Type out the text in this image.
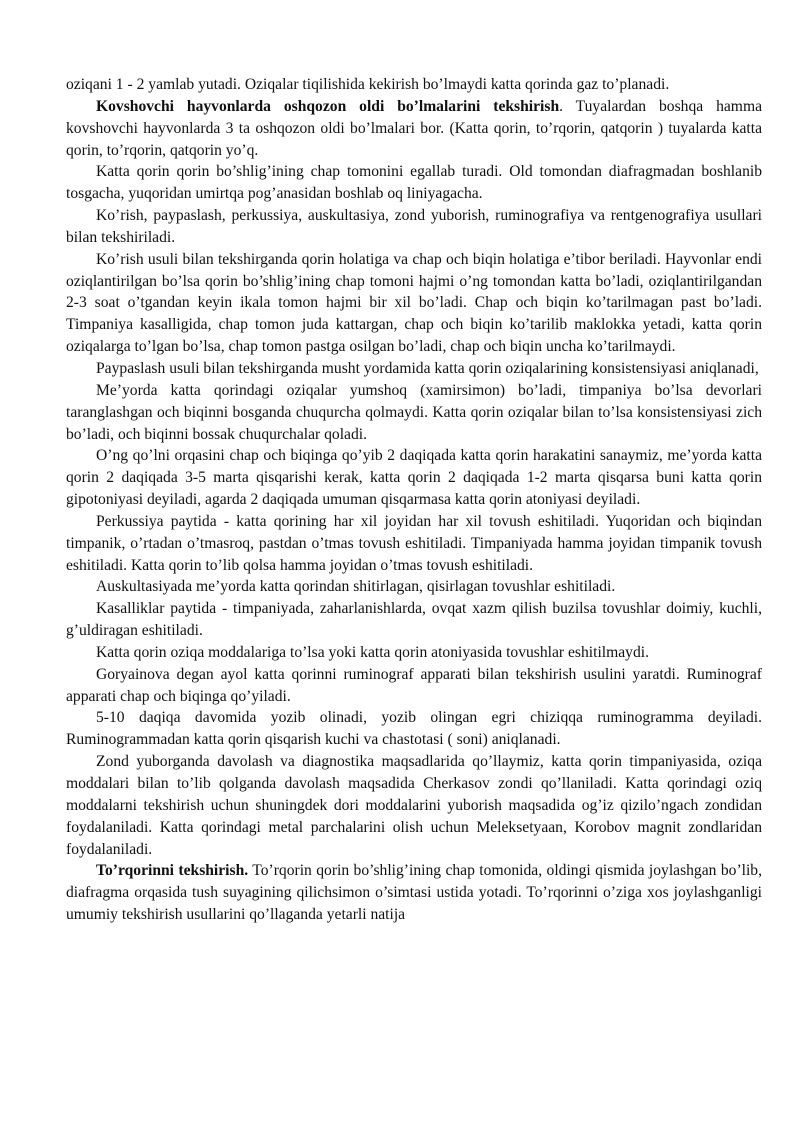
oziqani 1 - 2 yamlab yutadi. Oziqalar tiqilishida kekirish bo’lmaydi katta qorinda gaz to’planadi.

Kovshovchi hayvonlarda oshqozon oldi bo’lmalarini tekshirish. Tuyalardan boshqa hamma kovshovchi hayvonlarda 3 ta oshqozon oldi bo’lmalari bor. (Katta qorin, to’rqorin, qatqorin ) tuyalarda katta qorin, to’rqorin, qatqorin yo’q.

Katta qorin qorin bo’shlig’ining chap tomonini egallab turadi. Old tomondan diafragmadan boshlanib tosgacha, yuqoridan umirtqa pog’anasidan boshlab oq liniyagacha.

Ko’rish, paypaslash, perkussiya, auskultasiya, zond yuborish, ruminografiya va rentgenografiya usullari bilan tekshiriladi.

Ko’rish usuli bilan tekshirganda qorin holatiga va chap och biqin holatiga e’tibor beriladi. Hayvonlar endi oziqlantirilgan bo’lsa qorin bo’shlig’ining chap tomoni hajmi o’ng tomondan katta bo’ladi, oziqlantirilgandan 2-3 soat o’tgandan keyin ikala tomon hajmi bir xil bo’ladi. Chap och biqin ko’tarilmagan past bo’ladi. Timpaniya kasalligida, chap tomon juda kattargan, chap och biqin ko’tarilib maklokka yetadi, katta qorin oziqalarga to’lgan bo’lsa, chap tomon pastga osilgan bo’ladi, chap och biqin uncha ko’tarilmaydi.

Paypaslash usuli bilan tekshirganda musht yordamida katta qorin oziqalarining konsistensiyasi aniqlanadi,

Me’yorda katta qorindagi oziqalar yumshoq (xamirsimon) bo’ladi, timpaniya bo’lsa devorlari taranglashgan och biqinni bosganda chuqurcha qolmaydi. Katta qorin oziqalar bilan to’lsa konsistensiyasi zich bo’ladi, och biqinni bossak chuqurchalar qoladi.

O’ng qo’lni orqasini chap och biqinga qo’yib 2 daqiqada katta qorin harakatini sanaymiz, me’yorda katta qorin 2 daqiqada 3-5 marta qisqarishi kerak, katta qorin 2 daqiqada 1-2 marta qisqarsa buni katta qorin gipotoniyasi deyiladi, agarda 2 daqiqada umuman qisqarmasa katta qorin atoniyasi deyiladi.

Perkussiya paytida - katta qorining har xil joyidan har xil tovush eshitiladi. Yuqoridan och biqindan timpanik, o’rtadan o’tmasroq, pastdan o’tmas tovush eshitiladi. Timpaniyada hamma joyidan timpanik tovush eshitiladi. Katta qorin to’lib qolsa hamma joyidan o’tmas tovush eshitiladi.

Auskultasiyada me’yorda katta qorindan shitirlagan, qisirlagan tovushlar eshitiladi.

Kasalliklar paytida - timpaniyada, zaharlanishlarda, ovqat xazm qilish buzilsa tovushlar doimiy, kuchli, g’uldiragan eshitiladi.

Katta qorin oziqa moddalariga to’lsa yoki katta qorin atoniyasida tovushlar eshitilmaydi.

Goryainova degan ayol katta qorinni ruminograf apparati bilan tekshirish usulini yaratdi. Ruminograf apparati chap och biqinga qo’yiladi.

5-10 daqiqa davomida yozib olinadi, yozib olingan egri chiziqqa ruminogramma deyiladi. Ruminogrammadan katta qorin qisqarish kuchi va chastotasi ( soni) aniqlanadi.

Zond yuborganda davolash va diagnostika maqsadlarida qo’llaymiz, katta qorin timpaniyasida, oziqa moddalari bilan to’lib qolganda davolash maqsadida Cherkasov zondi qo’llaniladi. Katta qorindagi oziq moddalarni tekshirish uchun shuningdek dori moddalarini yuborish maqsadida og’iz qizilo’ngach zondidan foydalaniladi. Katta qorindagi metal parchalarini olish uchun Meleksetyaan, Korobov magnit zondlaridan foydalaniladi.

To’rqorinni tekshirish. To’rqorin qorin bo’shlig’ining chap tomonida, oldingi qismida joylashgan bo’lib, diafragma orqasida tush suyagining qilichsimon o’simtasi ustida yotadi. To’rqorinni o’ziga xos joylashganligi umumiy tekshirish usullarini qo’llaganda yetarli natija
